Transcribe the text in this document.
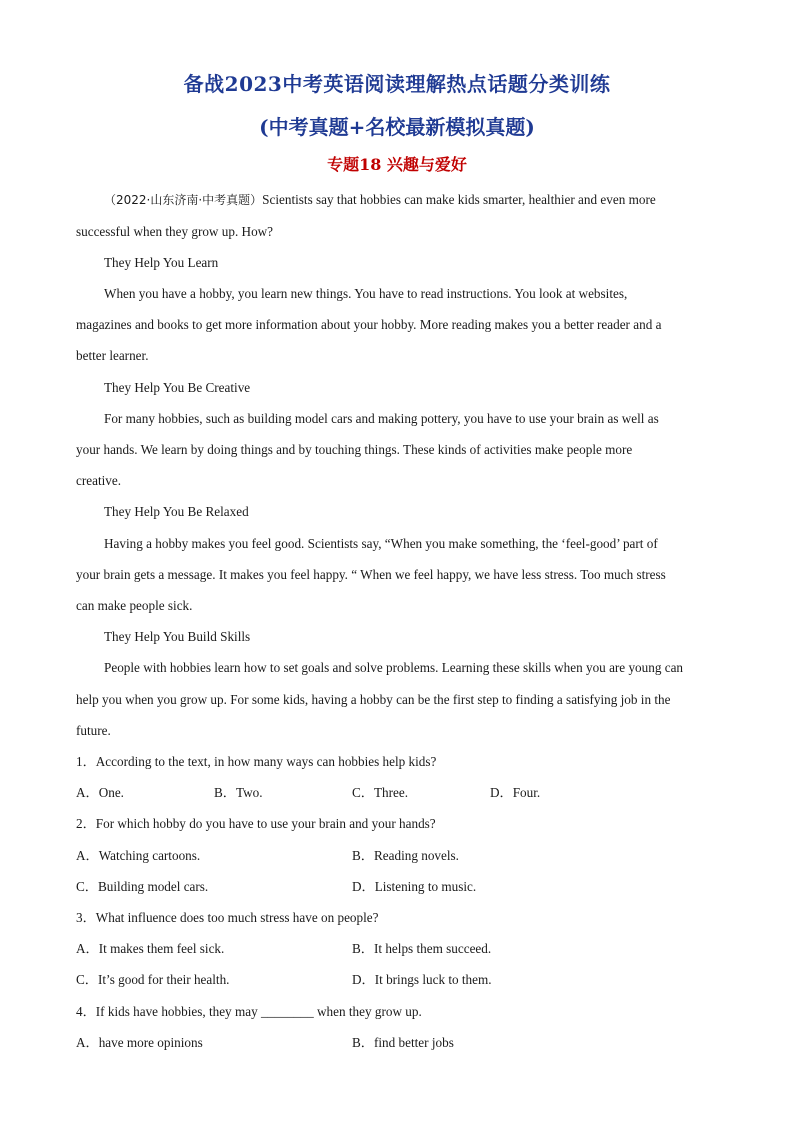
备战2023中考英语阅读理解热点话题分类训练
(中考真题+名校最新模拟真题)
专题18 兴趣与爱好
（2022·山东济南·中考真题）Scientists say that hobbies can make kids smarter, healthier and even more
successful when they grow up. How?
They Help You Learn
When you have a hobby, you learn new things. You have to read instructions. You look at websites,
magazines and books to get more information about your hobby. More reading makes you a better reader and a
better learner.
They Help You Be Creative
For many hobbies, such as building model cars and making pottery, you have to use your brain as well as
your hands. We learn by doing things and by touching things. These kinds of activities make people more
creative.
They Help You Be Relaxed
Having a hobby makes you feel good. Scientists say, “When you make something, the ‘feel-good’ part of
your brain gets a message. It makes you feel happy. “ When we feel happy, we have less stress. Too much stress
can make people sick.
They Help You Build Skills
People with hobbies learn how to set goals and solve problems. Learning these skills when you are young can
help you when you grow up. For some kids, having a hobby can be the first step to finding a satisfying job in the
future.
1．According to the text, in how many ways can hobbies help kids?
A．One.	B．Two.	C．Three.	D．Four.
2．For which hobby do you have to use your brain and your hands?
A．Watching cartoons.	B．Reading novels.
C．Building model cars.	D．Listening to music.
3．What influence does too much stress have on people?
A．It makes them feel sick.	B．It helps them succeed.
C．It’s good for their health.	D．It brings luck to them.
4．If kids have hobbies, they may ________ when they grow up.
A．have more opinions	B．find better jobs
